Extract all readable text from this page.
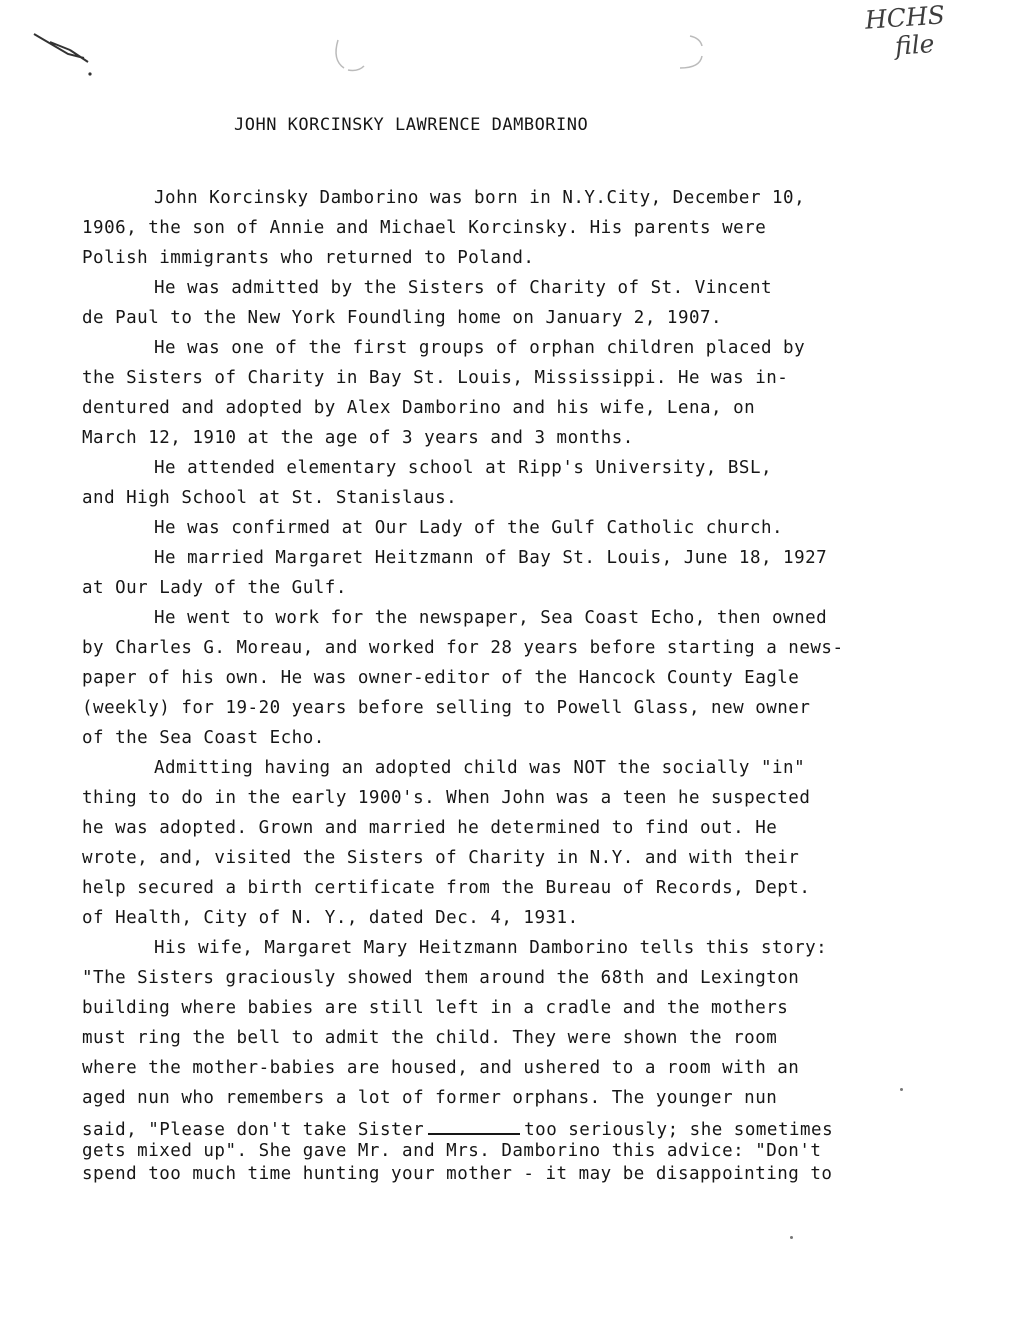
HCHS
file
JOHN KORCINSKY LAWRENCE DAMBORINO
John Korcinsky Damborino was born in N.Y.City, December 10,
1906, the son of Annie and Michael Korcinsky. His parents were
Polish immigrants who returned to Poland.
He was admitted by the Sisters of Charity of St. Vincent
de Paul to the New York Foundling home on January 2, 1907.
He was one of the first groups of orphan children placed by
the Sisters of Charity in Bay St. Louis, Mississippi. He was in-
dentured and adopted by Alex Damborino and his wife, Lena, on
March 12, 1910 at the age of 3 years and 3 months.
He attended elementary school at Ripp's University, BSL,
and High School at St. Stanislaus.
He was confirmed at Our Lady of the Gulf Catholic church.
He married Margaret Heitzmann of Bay St. Louis, June 18, 1927
at Our Lady of the Gulf.
He went to work for the newspaper, Sea Coast Echo, then owned
by Charles G. Moreau, and worked for 28 years before starting a news-
paper of his own. He was owner-editor of the Hancock County Eagle
(weekly) for 19-20 years before selling to Powell Glass, new owner
of the Sea Coast Echo.
Admitting having an adopted child was NOT the socially "in"
thing to do in the early 1900's. When John was a teen he suspected
he was adopted. Grown and married he determined to find out. He
wrote, and, visited the Sisters of Charity in N.Y. and with their
help secured a birth certificate from the Bureau of Records, Dept.
of Health, City of N. Y., dated Dec. 4, 1931.
His wife, Margaret Mary Heitzmann Damborino tells this story:
"The Sisters graciously showed them around the 68th and Lexington
building where babies are still left in a cradle and the mothers
must ring the bell to admit the child. They were shown the room
where the mother-babies are housed, and ushered to a room with an
aged nun who remembers a lot of former orphans. The younger nun
said, "Please don't take Sister	too seriously; she sometimes
gets mixed up". She gave Mr. and Mrs. Damborino this advice: "Don't
spend too much time hunting your mother - it may be disappointing to
